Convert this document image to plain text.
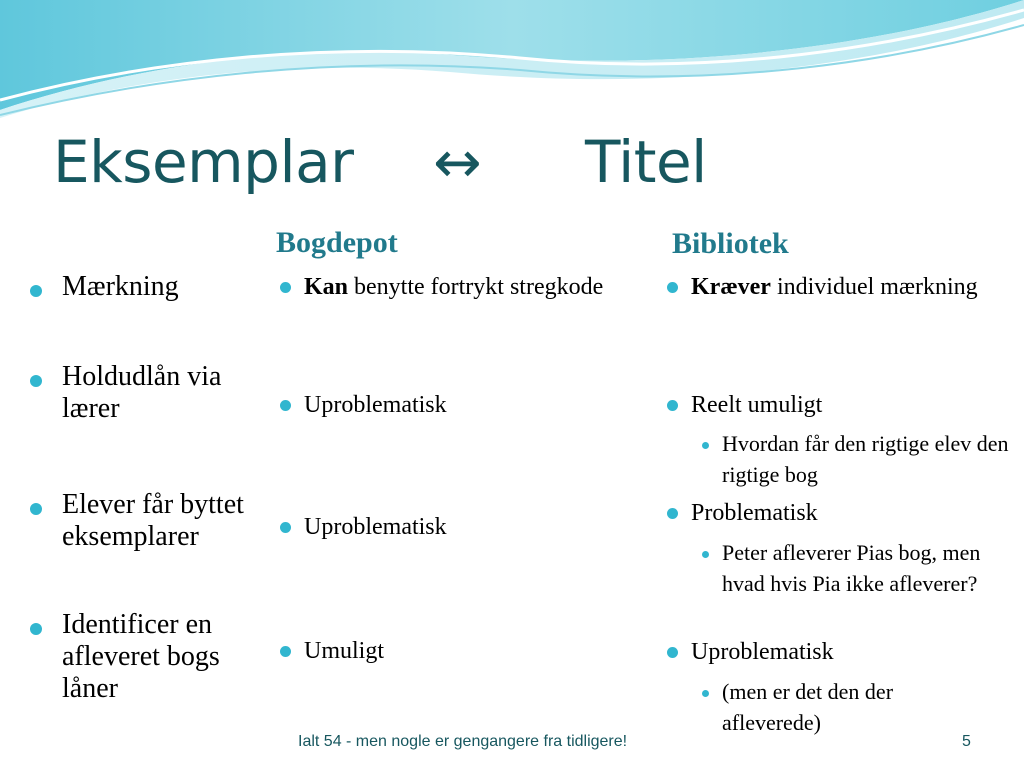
Eksemplar ↔ Titel
Bogdepot	Bibliotek
Mærkning
Holdudlån via lærer
Elever får byttet eksemplarer
Identificer en afleveret bogs låner
Kan benytte fortrykt stregkode
Uproblematisk
Uproblematisk
Umuligt
Kræver individuel mærkning
Reelt umuligt
Hvordan får den rigtige elev den rigtige bog
Problematisk
Peter afleverer Pias bog, men hvad hvis Pia ikke afleverer?
Uproblematisk
(men er det den der afleverede)
Ialt 54 - men nogle er gengangere fra tidligere!	5
